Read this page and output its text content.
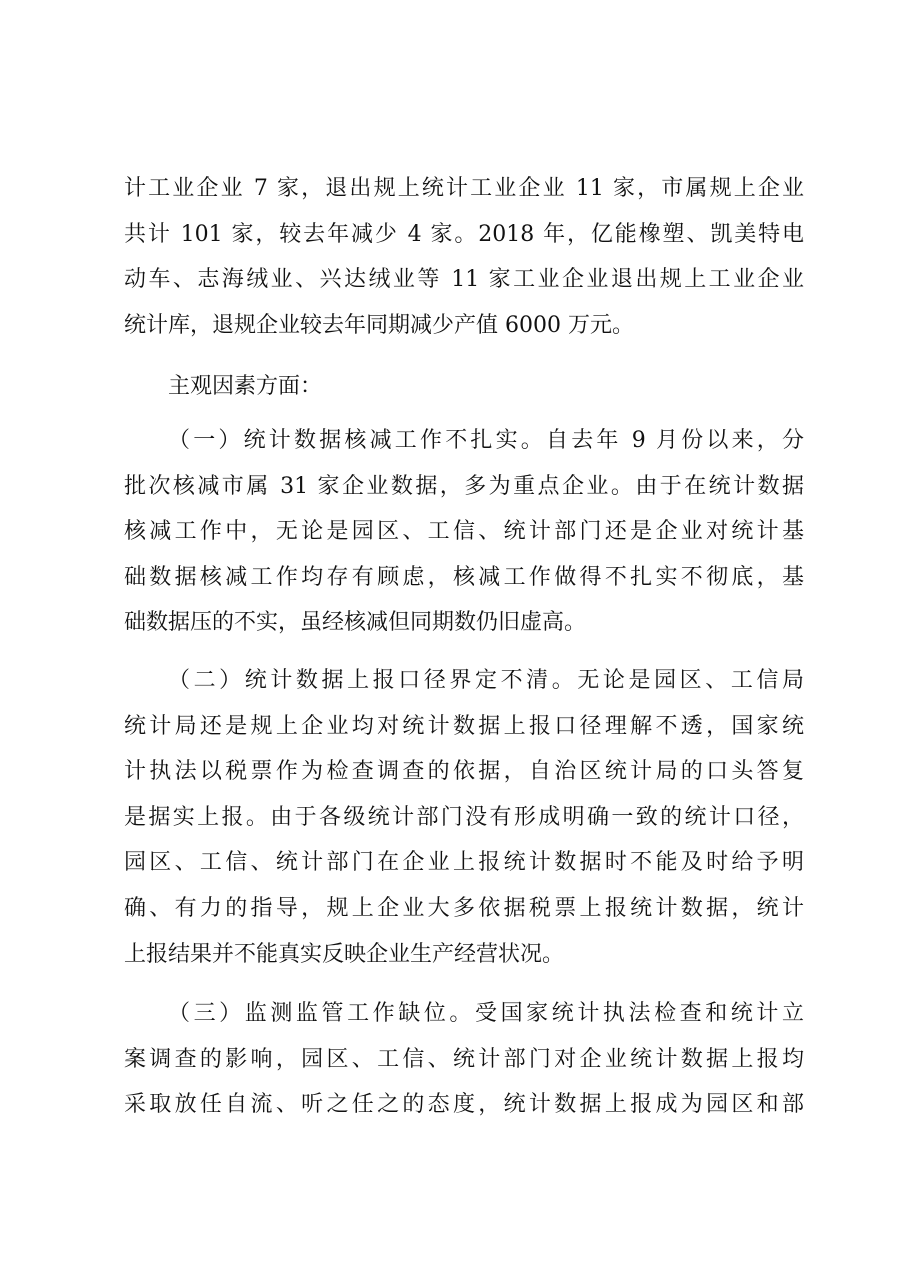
计工业企业 7 家，退出规上统计工业企业 11 家，市属规上企业
共计 101 家，较去年减少 4 家。2018 年，亿能橡塑、凯美特电
动车、志海绒业、兴达绒业等 11 家工业企业退出规上工业企业
统计库，退规企业较去年同期减少产值 6000 万元。
主观因素方面：
（一）统计数据核减工作不扎实。自去年 9 月份以来，分
批次核减市属 31 家企业数据，多为重点企业。由于在统计数据
核减工作中，无论是园区、工信、统计部门还是企业对统计基
础数据核减工作均存有顾虑，核减工作做得不扎实不彻底，基
础数据压的不实，虽经核减但同期数仍旧虚高。
（二）统计数据上报口径界定不清。无论是园区、工信局
统计局还是规上企业均对统计数据上报口径理解不透，国家统
计执法以税票作为检查调查的依据，自治区统计局的口头答复
是据实上报。由于各级统计部门没有形成明确一致的统计口径，
园区、工信、统计部门在企业上报统计数据时不能及时给予明
确、有力的指导，规上企业大多依据税票上报统计数据，统计
上报结果并不能真实反映企业生产经营状况。
（三）监测监管工作缺位。受国家统计执法检查和统计立
案调查的影响，园区、工信、统计部门对企业统计数据上报均
采取放任自流、听之任之的态度，统计数据上报成为园区和部
